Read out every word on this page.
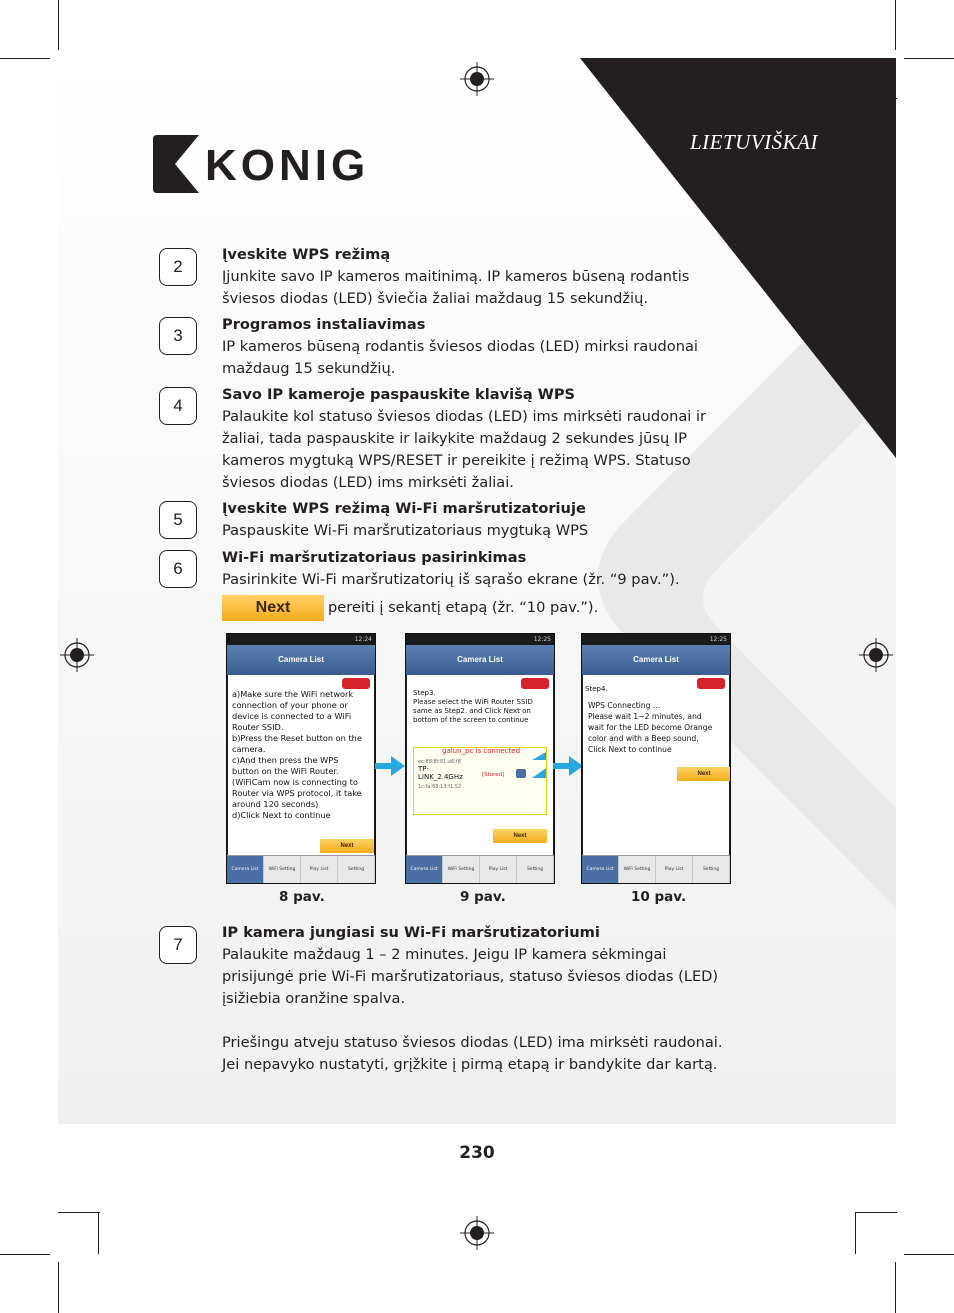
LIETUVIŠKAI
KONIG
2
Įveskite WPS režimą
Įjunkite savo IP kameros maitinimą. IP kameros būseną rodantis šviesos diodas (LED) šviečia žaliai maždaug 15 sekundžių.
3
Programos instaliavimas
IP kameros būseną rodantis šviesos diodas (LED) mirksi raudonai maždaug 15 sekundžių.
4
Savo IP kameroje paspauskite klavišą WPS
Palaukite kol statuso šviesos diodas (LED) ims mirksėti raudonai ir žaliai, tada paspauskite ir laikykite maždaug 2 sekundes jūsų IP kameros mygtuką WPS/RESET ir pereikite į režimą WPS. Statuso šviesos diodas (LED) ims mirksėti žaliai.
5
Įveskite WPS režimą Wi-Fi maršrutizatoriuje
Paspauskite Wi-Fi maršrutizatoriaus mygtuką WPS
6
Wi-Fi maršrutizatoriaus pasirinkimas
Pasirinkite Wi-Fi maršrutizatorių iš sąrašo ekrane (žr. “9 pav.”).
Next	pereiti į sekantį etapą (žr. “10 pav.”).
12:24
Camera List
a)Make sure the WiFi network
connection of your phone or
device is connected to a WiFi
Router SSID.
b)Press the Reset button on the
camera.
c)And then press the WPS
button on the WiFi Router.
(WiFiCam now is connecting to
Router via WPS protocol, it take
around 120 seconds)
d)Click Next to continue
Next
Camera List	WiFi Setting	Play List	Setting
12:25
Camera List
Step3.
Please select the WiFi Router SSID
same as Step2. and Click Next on
bottom of the screen to continue
galun_pc is connected
ec:88:8f:81:a6:f8
TP-LINK_2.4GHz	[Stored]
1c:fa:68:13:f1:52
Next
Camera List	WiFi Setting	Play List	Setting
12:25
Camera List
Step4.
WPS Connecting ...
Please wait 1~2 minutes, and
wait for the LED become Orange
color and with a Beep sound,
Click Next to continue
Next
Camera List	WiFi Setting	Play List	Setting
8 pav.	9 pav.	10 pav.
7
IP kamera jungiasi su Wi-Fi maršrutizatoriumi
Palaukite maždaug 1 – 2 minutes. Jeigu IP kamera sėkmingai prisijungė prie Wi-Fi maršrutizatoriaus, statuso šviesos diodas (LED) įsižiebia oranžine spalva.
Priešingu atveju statuso šviesos diodas (LED) ima mirksėti raudonai. Jei nepavyko nustatyti, grįžkite į pirmą etapą ir bandykite dar kartą.
230
